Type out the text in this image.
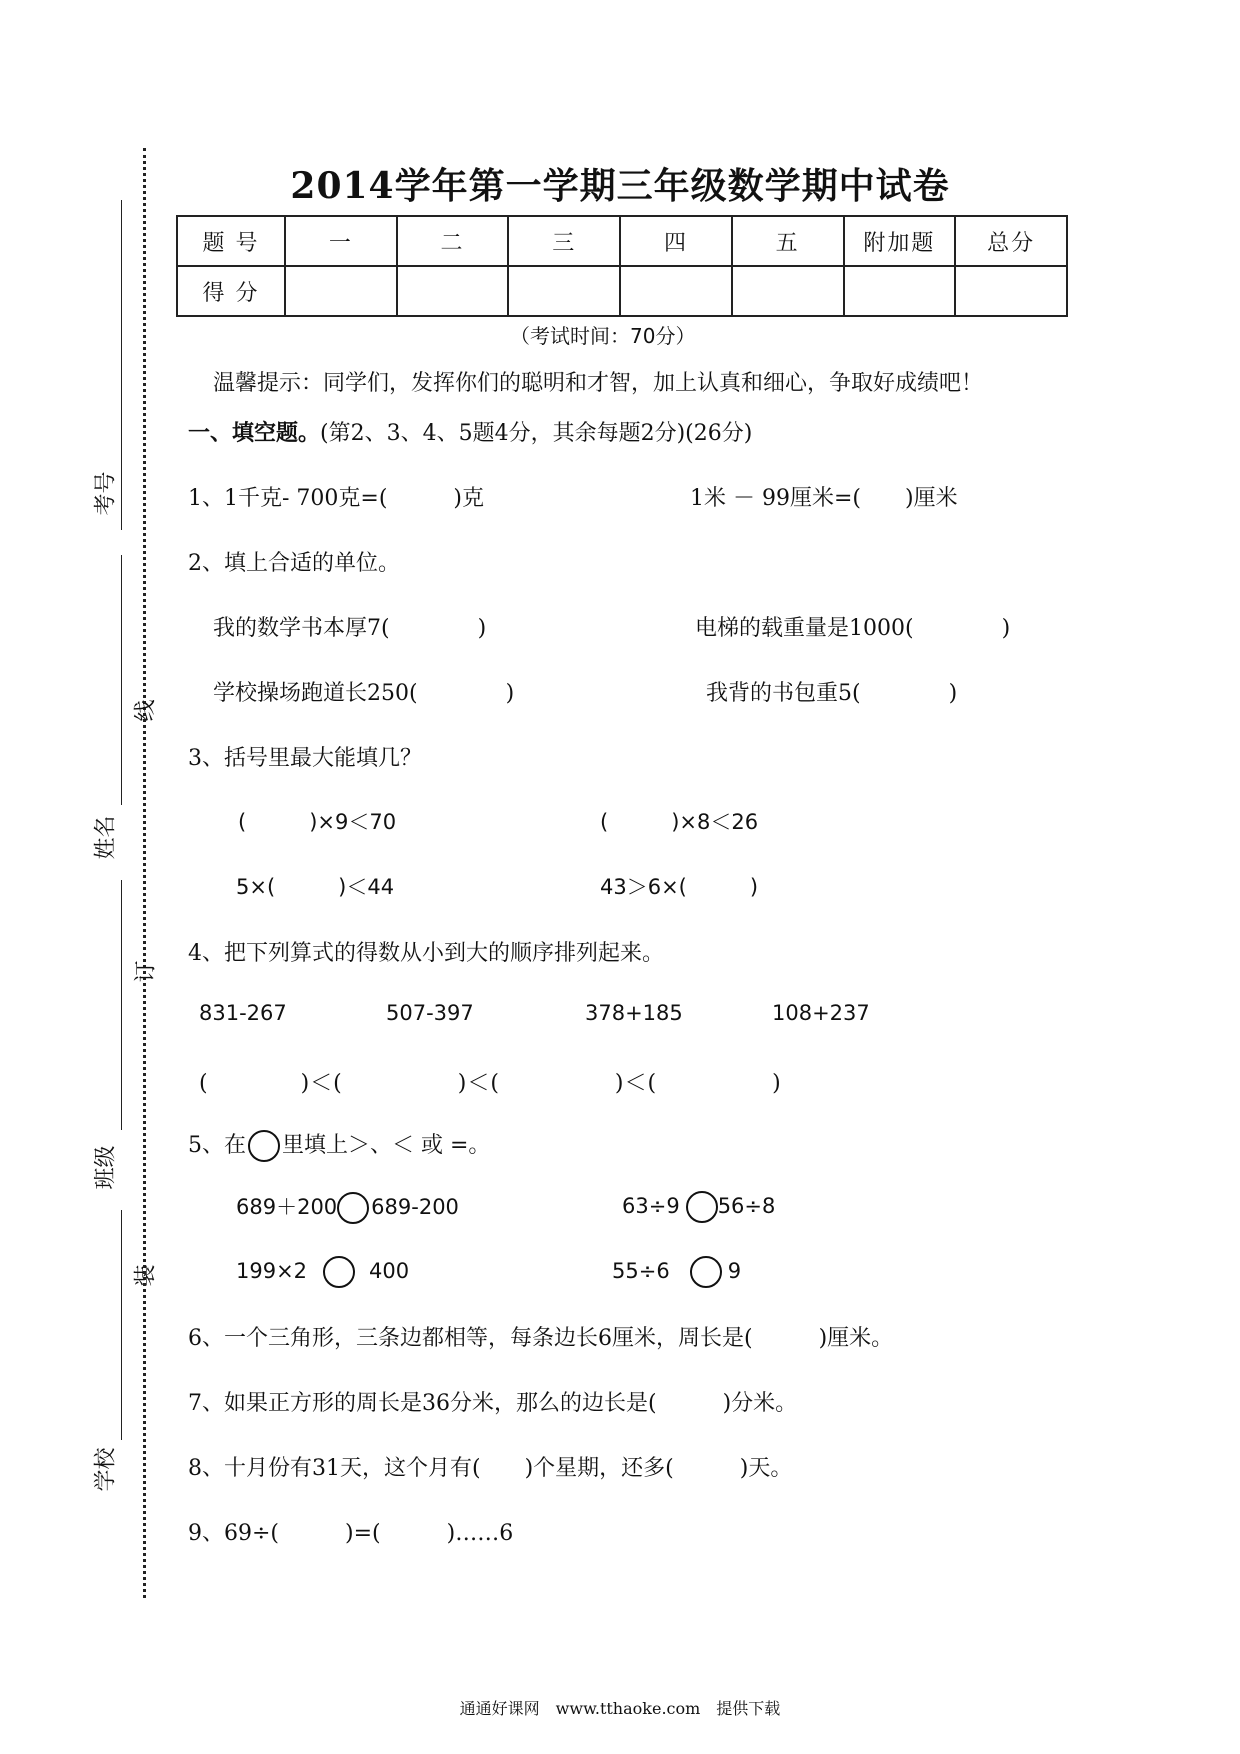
考号
姓名
班级
学校
线
订
装
2014学年第一学期三年级数学期中试卷
题 号	一	二	三	四	五	附加题	总分
得 分							
（考试时间：70分）
温馨提示：同学们，发挥你们的聪明和才智，加上认真和细心，争取好成绩吧！
一、填空题。(第2、3、4、5题4分，其余每题2分)(26分)
1、1千克- 700克=(　　　)克	1米 － 99厘米=(　　)厘米
2、填上合适的单位。
我的数学书本厚7(　　　　)	电梯的载重量是1000(　　　　)
学校操场跑道长250(　　　　)	我背的书包重5(　　　　)
3、括号里最大能填几？
(　　　)×9＜70	(　　　)×8＜26
5×(　　　)＜44	43＞6×(　　　)
4、把下列算式的得数从小到大的顺序排列起来。
831-267	507-397	378+185	108+237
(　　　　)＜(　　　　　)＜(　　　　　)＜(　　　　　)
5、在 里填上＞、＜ 或 =。
689＋200 689-200	63÷9 56÷8
199×2	400	55÷6	9
6、一个三角形，三条边都相等，每条边长6厘米，周长是(　　　)厘米。
7、如果正方形的周长是36分米，那么的边长是(　　　)分米。
8、十月份有31天，这个月有(　　)个星期，还多(　　　)天。
9、69÷(　　　)=(　　　)……6
通通好课网　www.tthaoke.com　提供下载
